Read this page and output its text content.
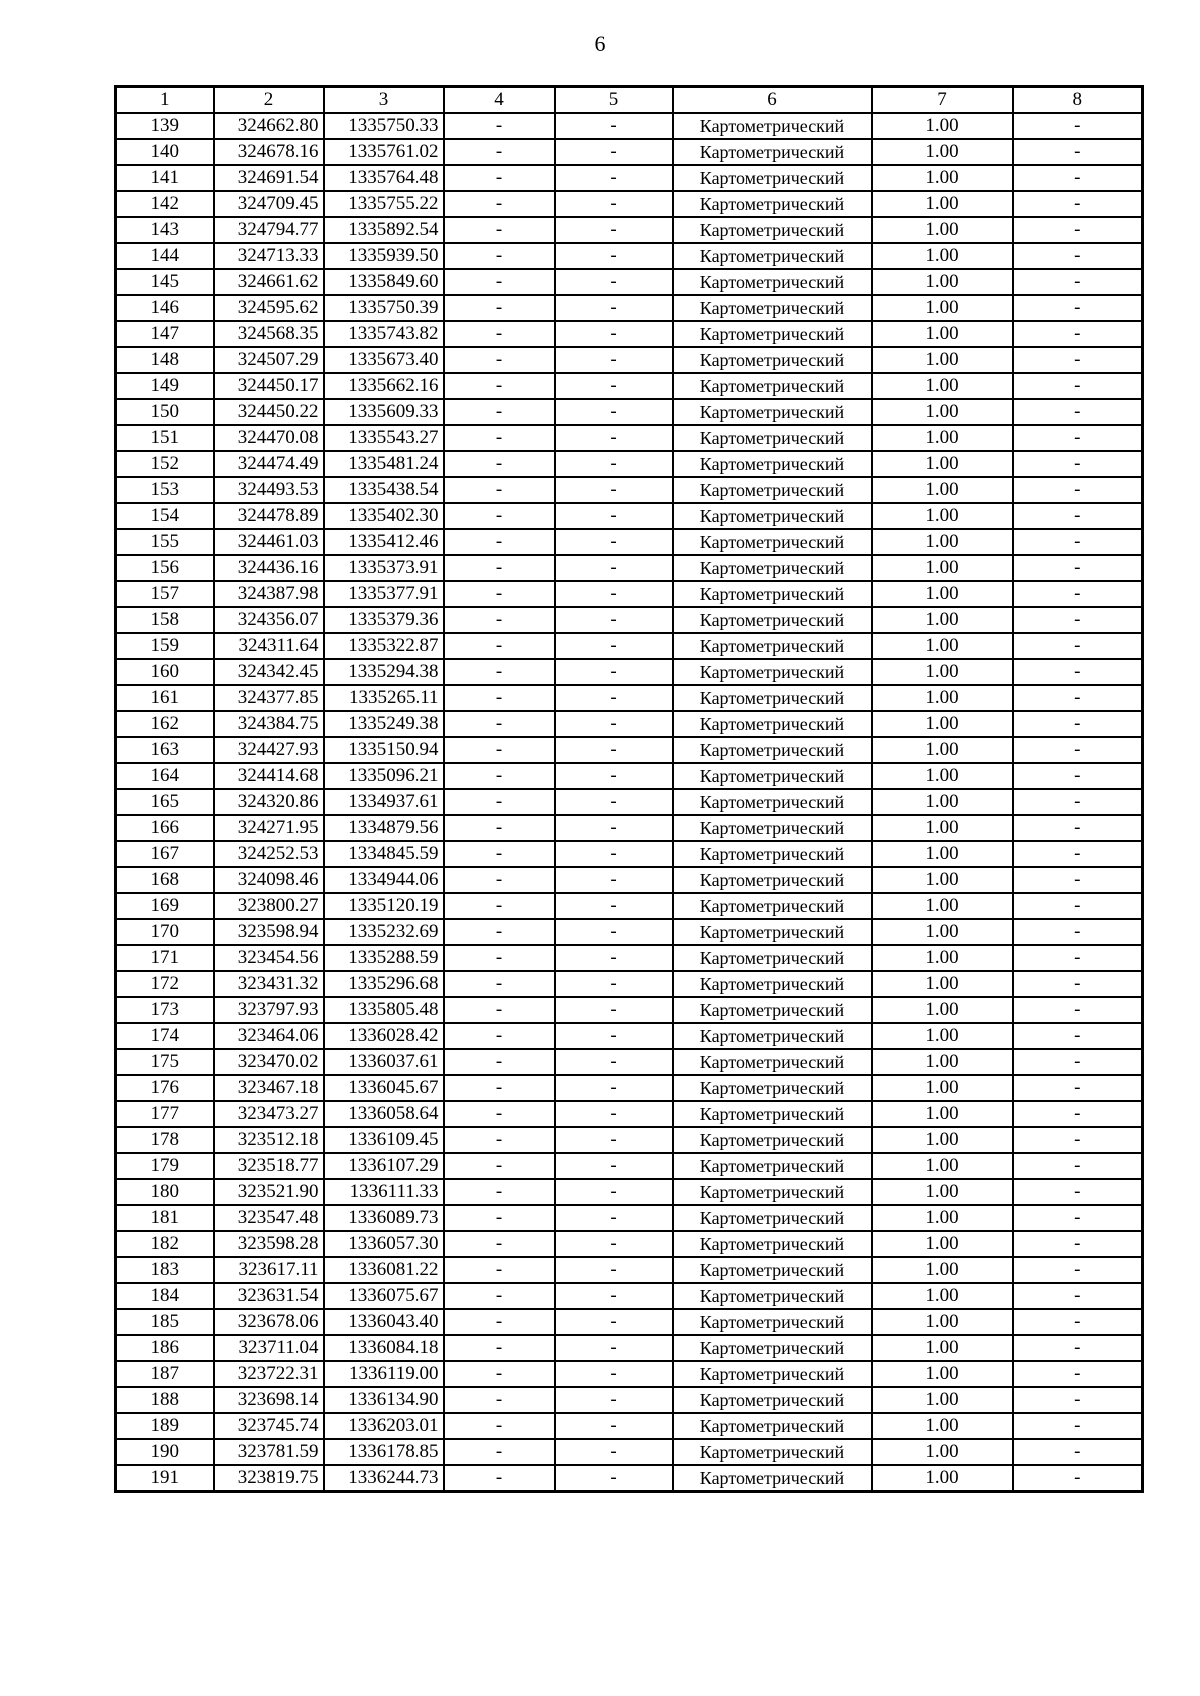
6
1	2	3	4	5	6	7	8
139	324662.80	1335750.33	-	-	Картометрический	1.00	-
140	324678.16	1335761.02	-	-	Картометрический	1.00	-
141	324691.54	1335764.48	-	-	Картометрический	1.00	-
142	324709.45	1335755.22	-	-	Картометрический	1.00	-
143	324794.77	1335892.54	-	-	Картометрический	1.00	-
144	324713.33	1335939.50	-	-	Картометрический	1.00	-
145	324661.62	1335849.60	-	-	Картометрический	1.00	-
146	324595.62	1335750.39	-	-	Картометрический	1.00	-
147	324568.35	1335743.82	-	-	Картометрический	1.00	-
148	324507.29	1335673.40	-	-	Картометрический	1.00	-
149	324450.17	1335662.16	-	-	Картометрический	1.00	-
150	324450.22	1335609.33	-	-	Картометрический	1.00	-
151	324470.08	1335543.27	-	-	Картометрический	1.00	-
152	324474.49	1335481.24	-	-	Картометрический	1.00	-
153	324493.53	1335438.54	-	-	Картометрический	1.00	-
154	324478.89	1335402.30	-	-	Картометрический	1.00	-
155	324461.03	1335412.46	-	-	Картометрический	1.00	-
156	324436.16	1335373.91	-	-	Картометрический	1.00	-
157	324387.98	1335377.91	-	-	Картометрический	1.00	-
158	324356.07	1335379.36	-	-	Картометрический	1.00	-
159	324311.64	1335322.87	-	-	Картометрический	1.00	-
160	324342.45	1335294.38	-	-	Картометрический	1.00	-
161	324377.85	1335265.11	-	-	Картометрический	1.00	-
162	324384.75	1335249.38	-	-	Картометрический	1.00	-
163	324427.93	1335150.94	-	-	Картометрический	1.00	-
164	324414.68	1335096.21	-	-	Картометрический	1.00	-
165	324320.86	1334937.61	-	-	Картометрический	1.00	-
166	324271.95	1334879.56	-	-	Картометрический	1.00	-
167	324252.53	1334845.59	-	-	Картометрический	1.00	-
168	324098.46	1334944.06	-	-	Картометрический	1.00	-
169	323800.27	1335120.19	-	-	Картометрический	1.00	-
170	323598.94	1335232.69	-	-	Картометрический	1.00	-
171	323454.56	1335288.59	-	-	Картометрический	1.00	-
172	323431.32	1335296.68	-	-	Картометрический	1.00	-
173	323797.93	1335805.48	-	-	Картометрический	1.00	-
174	323464.06	1336028.42	-	-	Картометрический	1.00	-
175	323470.02	1336037.61	-	-	Картометрический	1.00	-
176	323467.18	1336045.67	-	-	Картометрический	1.00	-
177	323473.27	1336058.64	-	-	Картометрический	1.00	-
178	323512.18	1336109.45	-	-	Картометрический	1.00	-
179	323518.77	1336107.29	-	-	Картометрический	1.00	-
180	323521.90	1336111.33	-	-	Картометрический	1.00	-
181	323547.48	1336089.73	-	-	Картометрический	1.00	-
182	323598.28	1336057.30	-	-	Картометрический	1.00	-
183	323617.11	1336081.22	-	-	Картометрический	1.00	-
184	323631.54	1336075.67	-	-	Картометрический	1.00	-
185	323678.06	1336043.40	-	-	Картометрический	1.00	-
186	323711.04	1336084.18	-	-	Картометрический	1.00	-
187	323722.31	1336119.00	-	-	Картометрический	1.00	-
188	323698.14	1336134.90	-	-	Картометрический	1.00	-
189	323745.74	1336203.01	-	-	Картометрический	1.00	-
190	323781.59	1336178.85	-	-	Картометрический	1.00	-
191	323819.75	1336244.73	-	-	Картометрический	1.00	-
